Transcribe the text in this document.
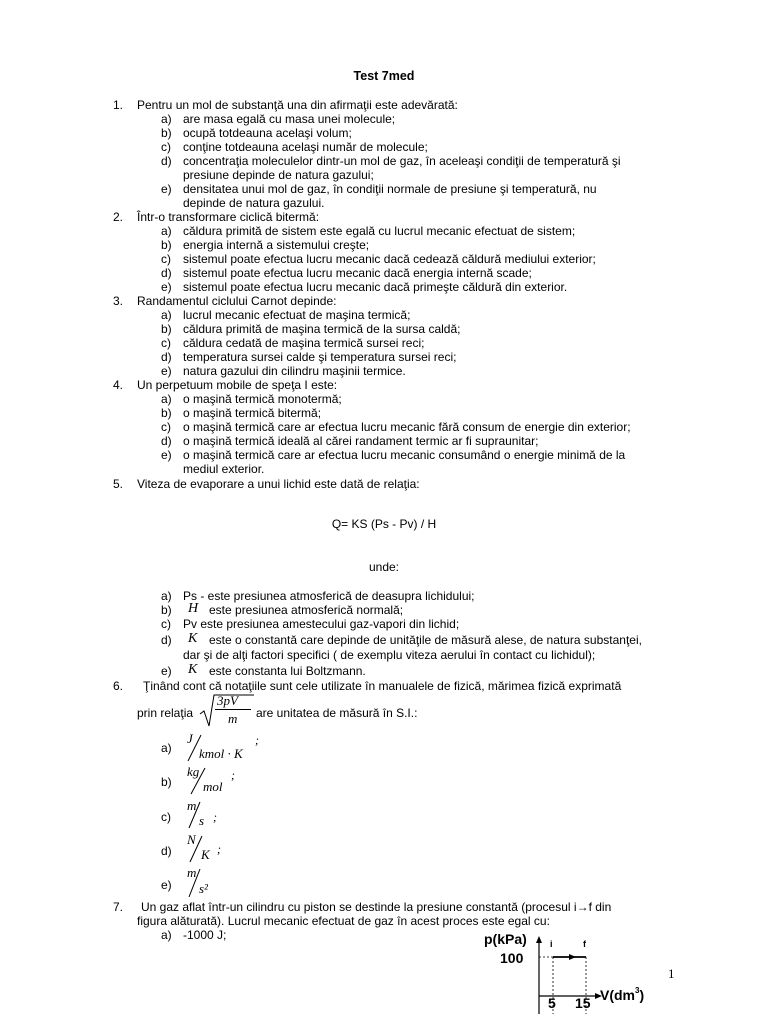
Test 7med
1. Pentru un mol de substanţă una din afirmaţii este adevărată:
a) are masa egală cu masa unei molecule;
b) ocupă totdeauna acelaşi volum;
c) conţine totdeauna acelaşi număr de molecule;
d) concentraţia moleculelor dintr-un mol de gaz, în aceleaşi condiţii de temperatură şi
presiune depinde de natura gazului;
e) densitatea unui mol de gaz, în condiţii normale de presiune şi temperatură, nu
depinde de natura gazului.
2. Într-o transformare ciclică bitermă:
a) căldura primită de sistem este egală cu lucrul mecanic efectuat de sistem;
b) energia internă a sistemului creşte;
c) sistemul poate efectua lucru mecanic dacă cedează căldură mediului exterior;
d) sistemul poate efectua lucru mecanic dacă energia internă scade;
e) sistemul poate efectua lucru mecanic dacă primeşte căldură din exterior.
3. Randamentul ciclului Carnot depinde:
a) lucrul mecanic efectuat de maşina termică;
b) căldura primită de maşina termică de la sursa caldă;
c) căldura cedată de maşina termică sursei reci;
d) temperatura sursei calde şi temperatura sursei reci;
e) natura gazului din cilindru maşinii termice.
4. Un perpetuum mobile de speţa I este:
a) o maşină termică monotermă;
b) o maşină termică bitermă;
c) o maşină termică care ar efectua lucru mecanic fără consum de energie din exterior;
d) o maşină termică ideală al cărei randament termic ar fi supraunitar;
e) o maşină termică care ar efectua lucru mecanic consumând o energie minimă de la
mediul exterior.
5. Viteza de evaporare a unui lichid este dată de relaţia:
Q= KS (Ps - Pv) / H
unde:
a) Ps - este presiunea atmosferică de deasupra lichidului;
b) H este presiunea atmosferică normală;
c) Pv este presiunea amestecului gaz-vapori din lichid;
d) K este o constantă care depinde de unităţile de măsură alese, de natura substanţei,
dar şi de alţi factori specifici ( de exemplu viteza aerului în contact cu lichidul);
e) K este constanta lui Boltzmann.
6. Ţinând cont că notaţiile sunt cele utilizate în manualele de fizică, mărimea fizică exprimată
prin relaţia
3pV
m are unitatea de măsură în S.I.:
a)
J
kmol · K
;
b)
kg
mol
;
c)
m
s ;
d)
N
K ;
e)
m
s²
7. Un gaz aflat într-un cilindru cu piston se destinde la presiune constantă (procesul i→f din
figura alăturată). Lucrul mecanic efectuat de gaz în acest proces este egal cu:
a) -1000 J;	p(kPa)
100
i	f
5 15 $V(dm^3)$
1
